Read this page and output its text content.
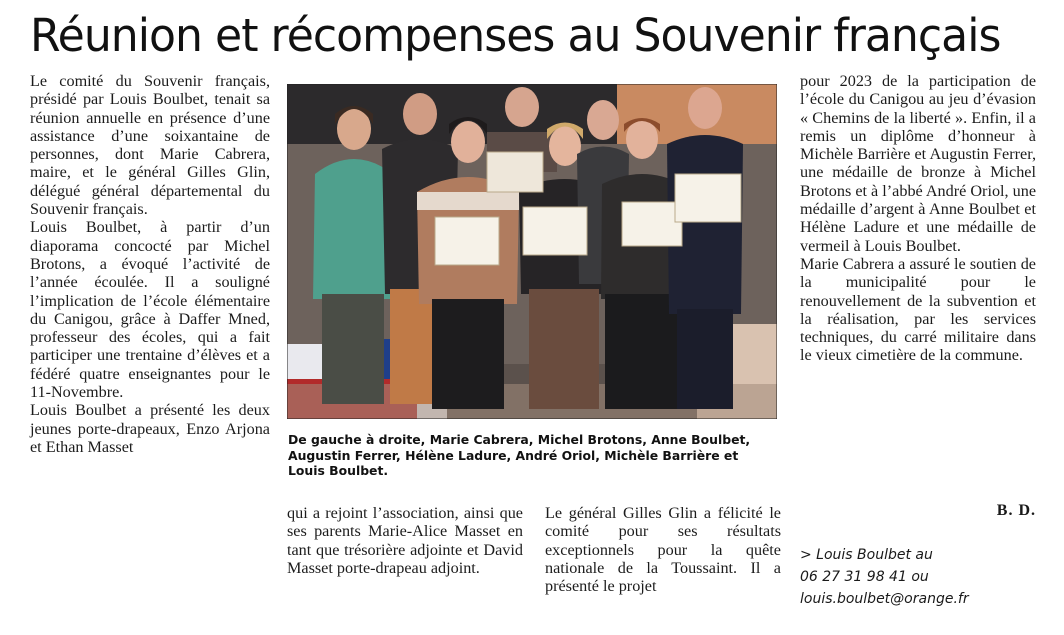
Réunion et récompenses au Souvenir français

Le comité du Souvenir français, présidé par Louis Boulbet, tenait sa réunion annuelle en présence d’une assistance d’une soixantaine de personnes, dont Marie Cabrera, maire, et le général Gilles Glin, délégué général départemental du Souvenir français.

Louis Boulbet, à partir d’un diaporama concocté par Michel Brotons, a évoqué l’activité de l’année écoulée. Il a souligné l’implication de l’école élémentaire du Canigou, grâce à Daffer Mned, professeur des écoles, qui a fait participer une trentaine d’élèves et a fédéré quatre enseignantes pour le 11-Novembre.

Louis Boulbet a présenté les deux jeunes porte-drapeaux, Enzo Arjona et Ethan Masset	De gauche à droite, Marie Cabrera, Michel Brotons, Anne Boulbet, Augustin Ferrer, Hélène Ladure, André Oriol, Michèle Barrière et Louis Boulbet.
qui a rejoint l’association, ainsi que ses parents Marie-Alice Masset en tant que trésorière adjointe et David Masset porte-drapeau adjoint.
Le général Gilles Glin a félicité le comité pour ses résultats exceptionnels pour la quête nationale de la Toussaint. Il a présenté le projet

pour 2023 de la participation de l’école du Canigou au jeu d’évasion « Chemins de la liberté ». Enfin, il a remis un diplôme d’honneur à Michèle Barrière et Augustin Ferrer, une médaille de bronze à Michel Brotons et à l’abbé André Oriol, une médaille d’argent à Anne Boulbet et Hélène Ladure et une médaille de vermeil à Louis Boulbet.

Marie Cabrera a assuré le soutien de la municipalité pour le renouvellement de la subvention et la réalisation, par les services techniques, du carré militaire dans le vieux cimetière de la commune.

B. D.
> Louis Boulbet au
06 27 31 98 41 ou
louis.boulbet@orange.fr
